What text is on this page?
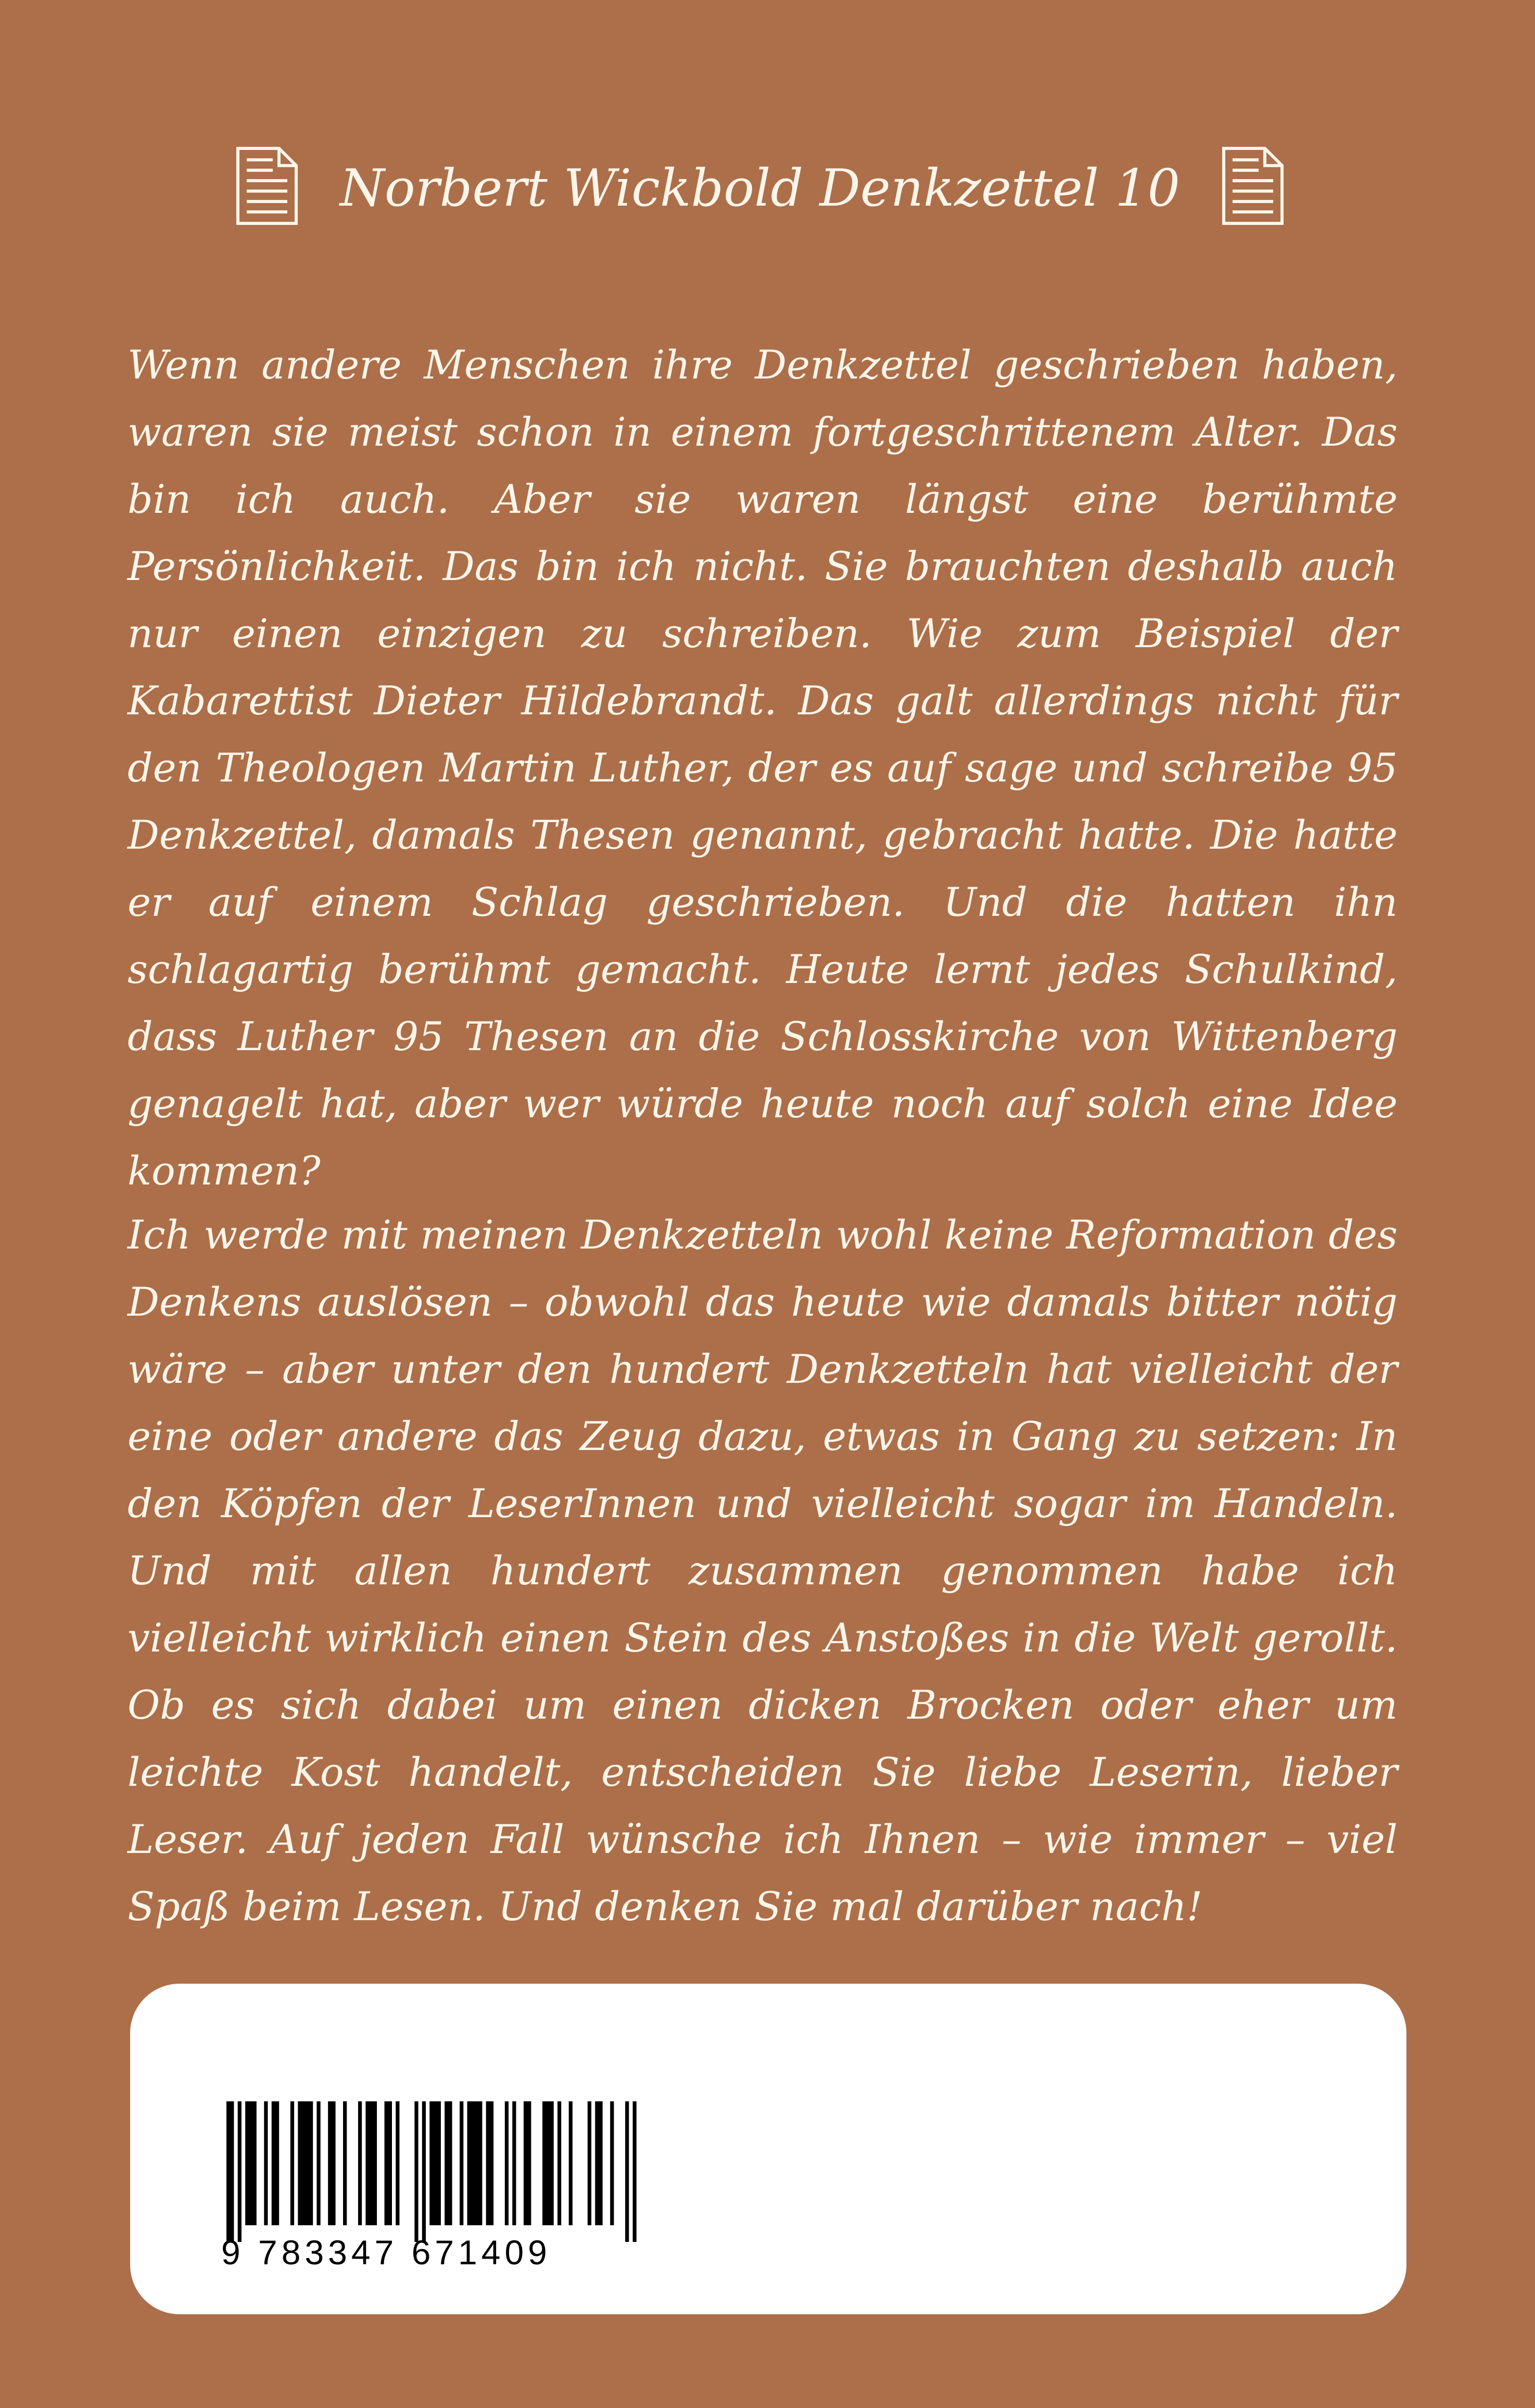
Norbert Wickbold Denkzettel 10

Wenn andere Menschen ihre Denkzettel geschrieben haben, waren sie meist schon in einem fortgeschrittenem Alter. Das bin ich auch. Aber sie waren längst eine berühmte Persönlichkeit. Das bin ich nicht. Sie brauchten deshalb auch nur einen einzigen zu schreiben. Wie zum Beispiel der Kabarettist Dieter Hildebrandt. Das galt allerdings nicht für den Theologen Martin Luther, der es auf sage und schreibe 95 Denkzettel, damals Thesen genannt, gebracht hatte. Die hatte er auf einem Schlag geschrieben. Und die hatten ihn schlagartig berühmt gemacht. Heute lernt jedes Schulkind, dass Luther 95 Thesen an die Schlosskirche von Wittenberg genagelt hat, aber wer würde heute noch auf solch eine Idee kommen?

Ich werde mit meinen Denkzetteln wohl keine Reformation des Denkens auslösen – obwohl das heute wie damals bitter nötig wäre – aber unter den hundert Denkzetteln hat vielleicht der eine oder andere das Zeug dazu, etwas in Gang zu setzen: In den Köpfen der LeserInnen und vielleicht sogar im Handeln. Und mit allen hundert zusammen genommen habe ich vielleicht wirklich einen Stein des Anstoßes in die Welt gerollt. Ob es sich dabei um einen dicken Brocken oder eher um leichte Kost handelt, entscheiden Sie liebe Leserin, lieber Leser. Auf jeden Fall wünsche ich Ihnen – wie immer – viel Spaß beim Lesen. Und denken Sie mal darüber nach!

9 783347 671409
